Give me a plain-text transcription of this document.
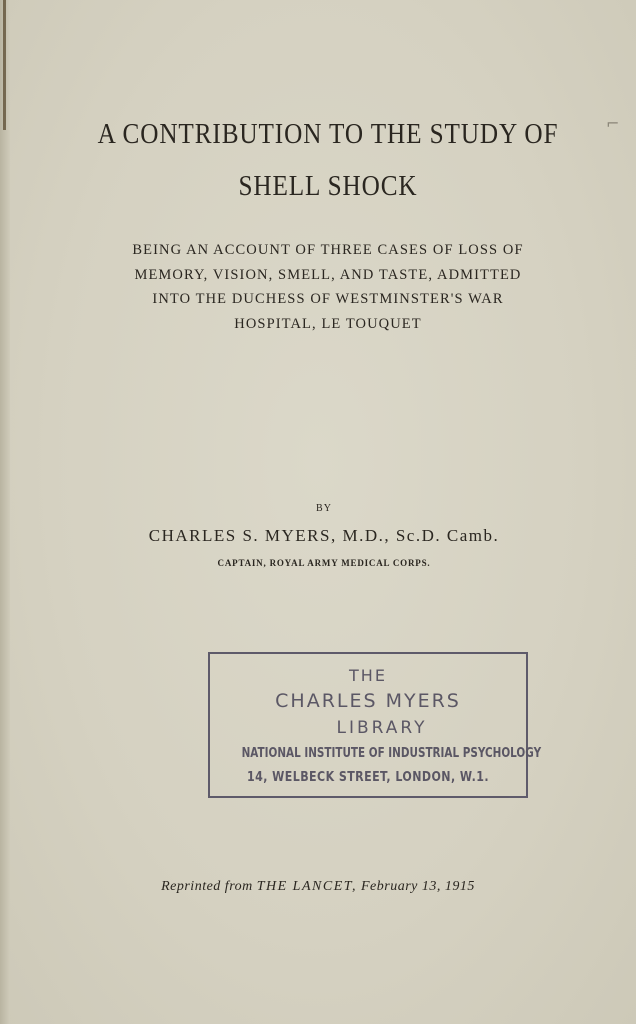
⌐
A CONTRIBUTION TO THE STUDY OF
SHELL SHOCK
BEING AN ACCOUNT OF THREE CASES OF LOSS OF
MEMORY, VISION, SMELL, AND TASTE, ADMITTED
INTO THE DUCHESS OF WESTMINSTER'S WAR
HOSPITAL, LE TOUQUET
BY
CHARLES S. MYERS, M.D., Sc.D. Camb.
CAPTAIN, ROYAL ARMY MEDICAL CORPS.
THE
CHARLES MYERS
LIBRARY
NATIONAL INSTITUTE OF INDUSTRIAL PSYCHOLOGY
14, WELBECK STREET, LONDON, W.1.
Reprinted from THE LANCET, February 13, 1915
